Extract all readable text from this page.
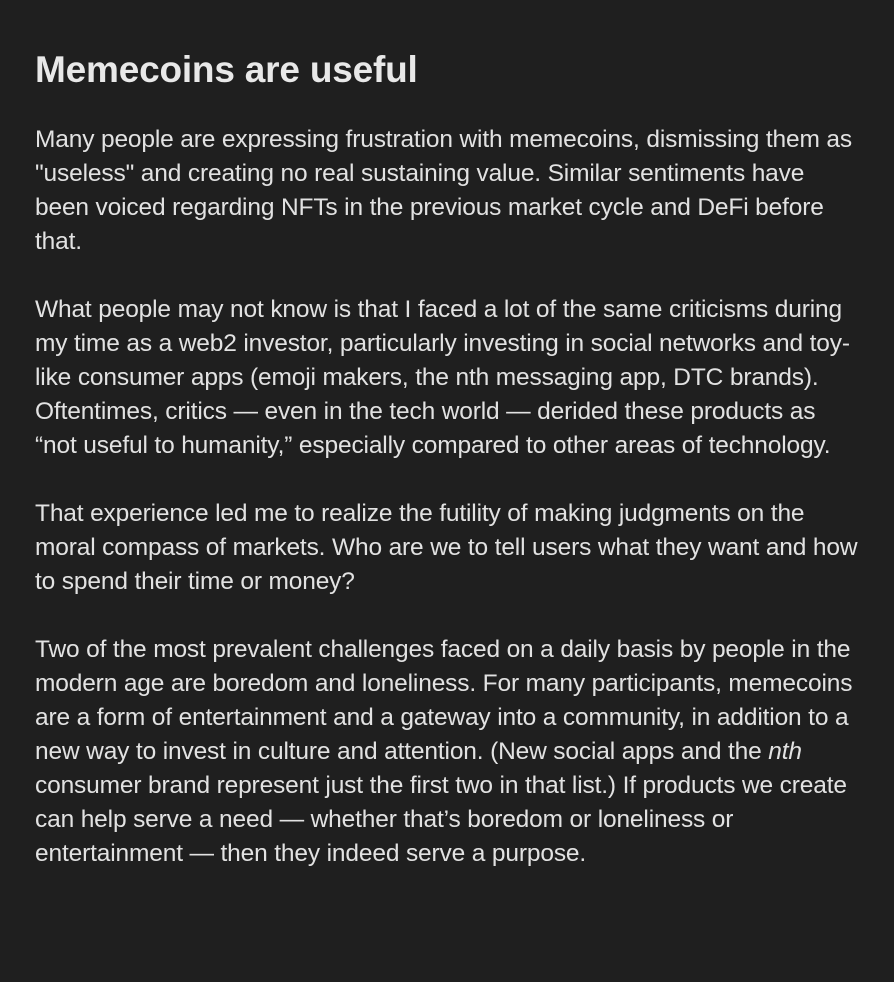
Memecoins are useful

Many people are expressing frustration with memecoins, dismissing them as "useless" and creating no real sustaining value. Similar sentiments have been voiced regarding NFTs in the previous market cycle and DeFi before that.

What people may not know is that I faced a lot of the same criticisms during my time as a web2 investor, particularly investing in social networks and toy-like consumer apps (emoji makers, the nth messaging app, DTC brands). Oftentimes, critics — even in the tech world — derided these products as “not useful to humanity,” especially compared to other areas of technology.

That experience led me to realize the futility of making judgments on the moral compass of markets. Who are we to tell users what they want and how to spend their time or money?

Two of the most prevalent challenges faced on a daily basis by people in the modern age are boredom and loneliness. For many participants, memecoins are a form of entertainment and a gateway into a community, in addition to a new way to invest in culture and attention. (New social apps and the nth consumer brand represent just the first two in that list.) If products we create can help serve a need — whether that’s boredom or loneliness or entertainment — then they indeed serve a purpose.
